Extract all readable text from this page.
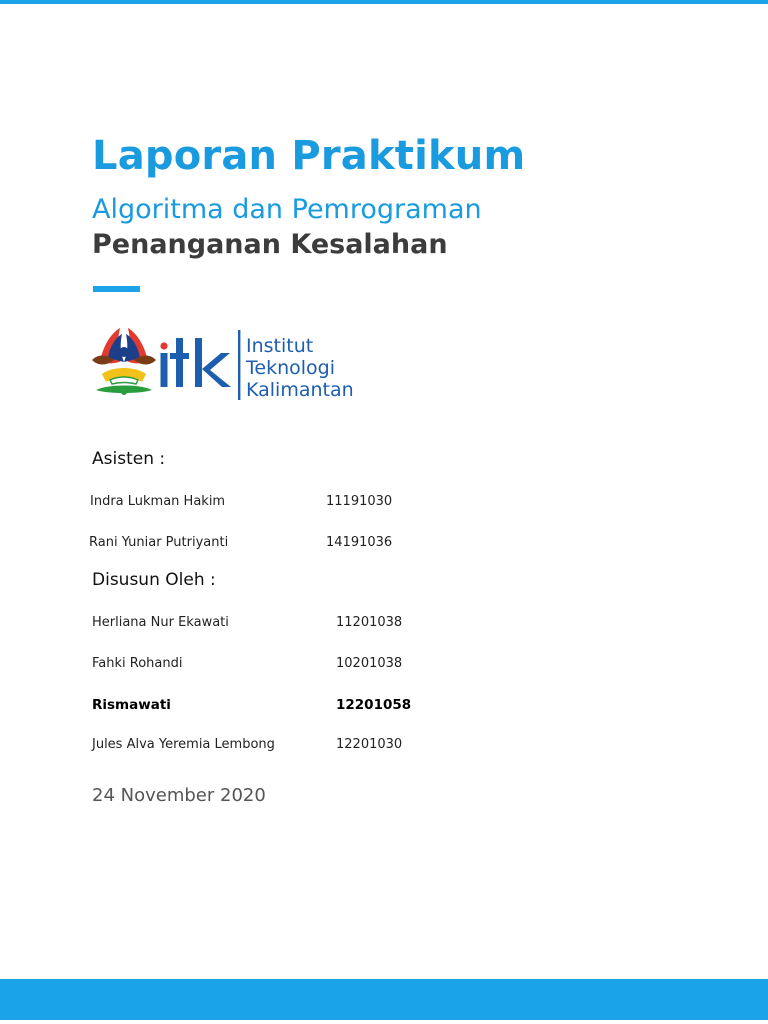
Laporan Praktikum
Algoritma dan Pemrograman
Penanganan Kesalahan
Institut
Teknologi
Kalimantan
Asisten :
Indra Lukman Hakim	11191030
Rani Yuniar Putriyanti	14191036
Disusun Oleh :
Herliana Nur Ekawati	11201038
Fahki Rohandi	10201038
Rismawati	12201058
Jules Alva Yeremia Lembong	12201030
24 November 2020
